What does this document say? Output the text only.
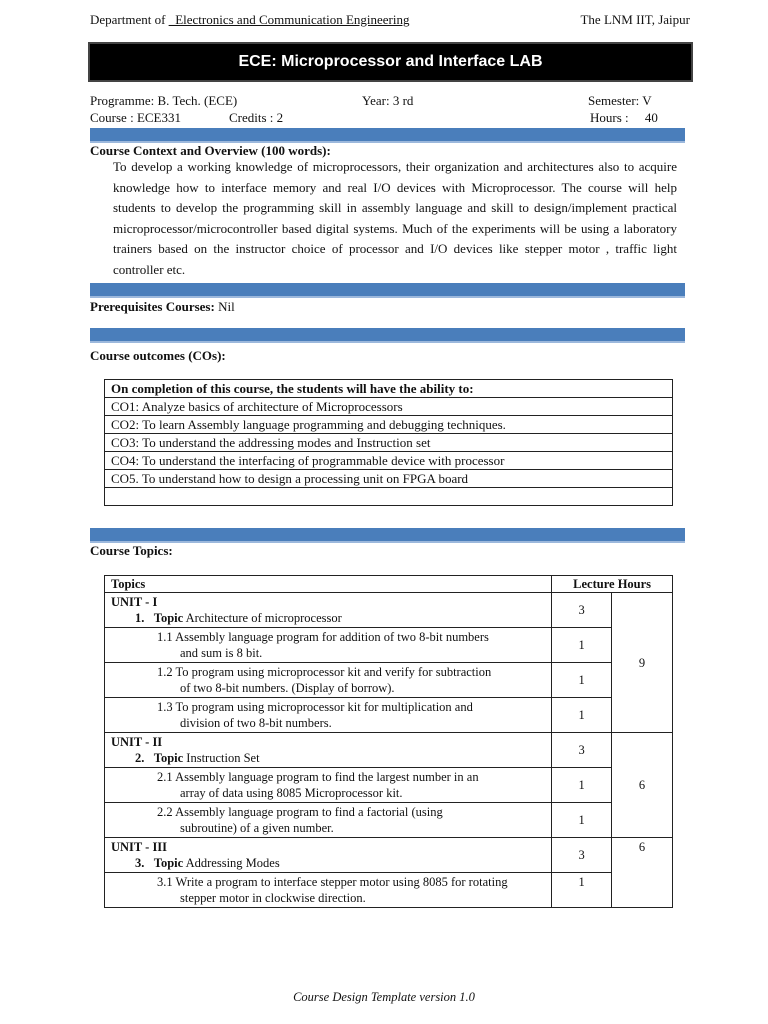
Department of _Electronics and Communication Engineering	The LNM IIT, Jaipur
ECE: Microprocessor and Interface LAB
Programme: B. Tech. (ECE)	Year: 3 rd	Semester: V
Course : ECE331	Credits : 2	Hours :     40
Course Context and Overview (100 words):
To develop a working knowledge of microprocessors, their organization and architectures also to acquire knowledge how to interface memory and real I/O devices with Microprocessor. The course will help students to develop the programming skill in assembly language and skill to design/implement practical microprocessor/microcontroller based digital systems. Much of the experiments will be using a laboratory trainers based on the instructor choice of processor and I/O devices like stepper motor , traffic light controller etc.
Prerequisites Courses: Nil
Course outcomes (COs):
On completion of this course, the students will have the ability to:
CO1: Analyze basics of architecture of Microprocessors
CO2: To learn Assembly language programming and debugging techniques.
CO3: To understand the addressing modes and Instruction set
CO4: To understand the interfacing of programmable device with processor
CO5. To understand how to design a processing unit on FPGA board

Course Topics:
Topics	Lecture Hours	

UNIT - I
1. Topic Architecture of microprocessor	3	9

1.1 Assembly language program for addition of two 8-bit numbers
and sum is 8 bit.	1	

1.2 To program using microprocessor kit and verify for subtraction
of two 8-bit numbers. (Display of borrow).	1	

1.3 To program using microprocessor kit for multiplication and
division of two 8-bit numbers.	1	

UNIT - II
2. Topic Instruction Set	3	6

2.1 Assembly language program to find the largest number in an
array of data using 8085 Microprocessor kit.	1	

2.2 Assembly language program to find a factorial (using
subroutine) of a given number.	1	

UNIT - III
3. Topic Addressing Modes	3	6

3.1 Write a program to interface stepper motor using 8085 for rotating
stepper motor in clockwise direction.	1	
Course Design Template version 1.0
